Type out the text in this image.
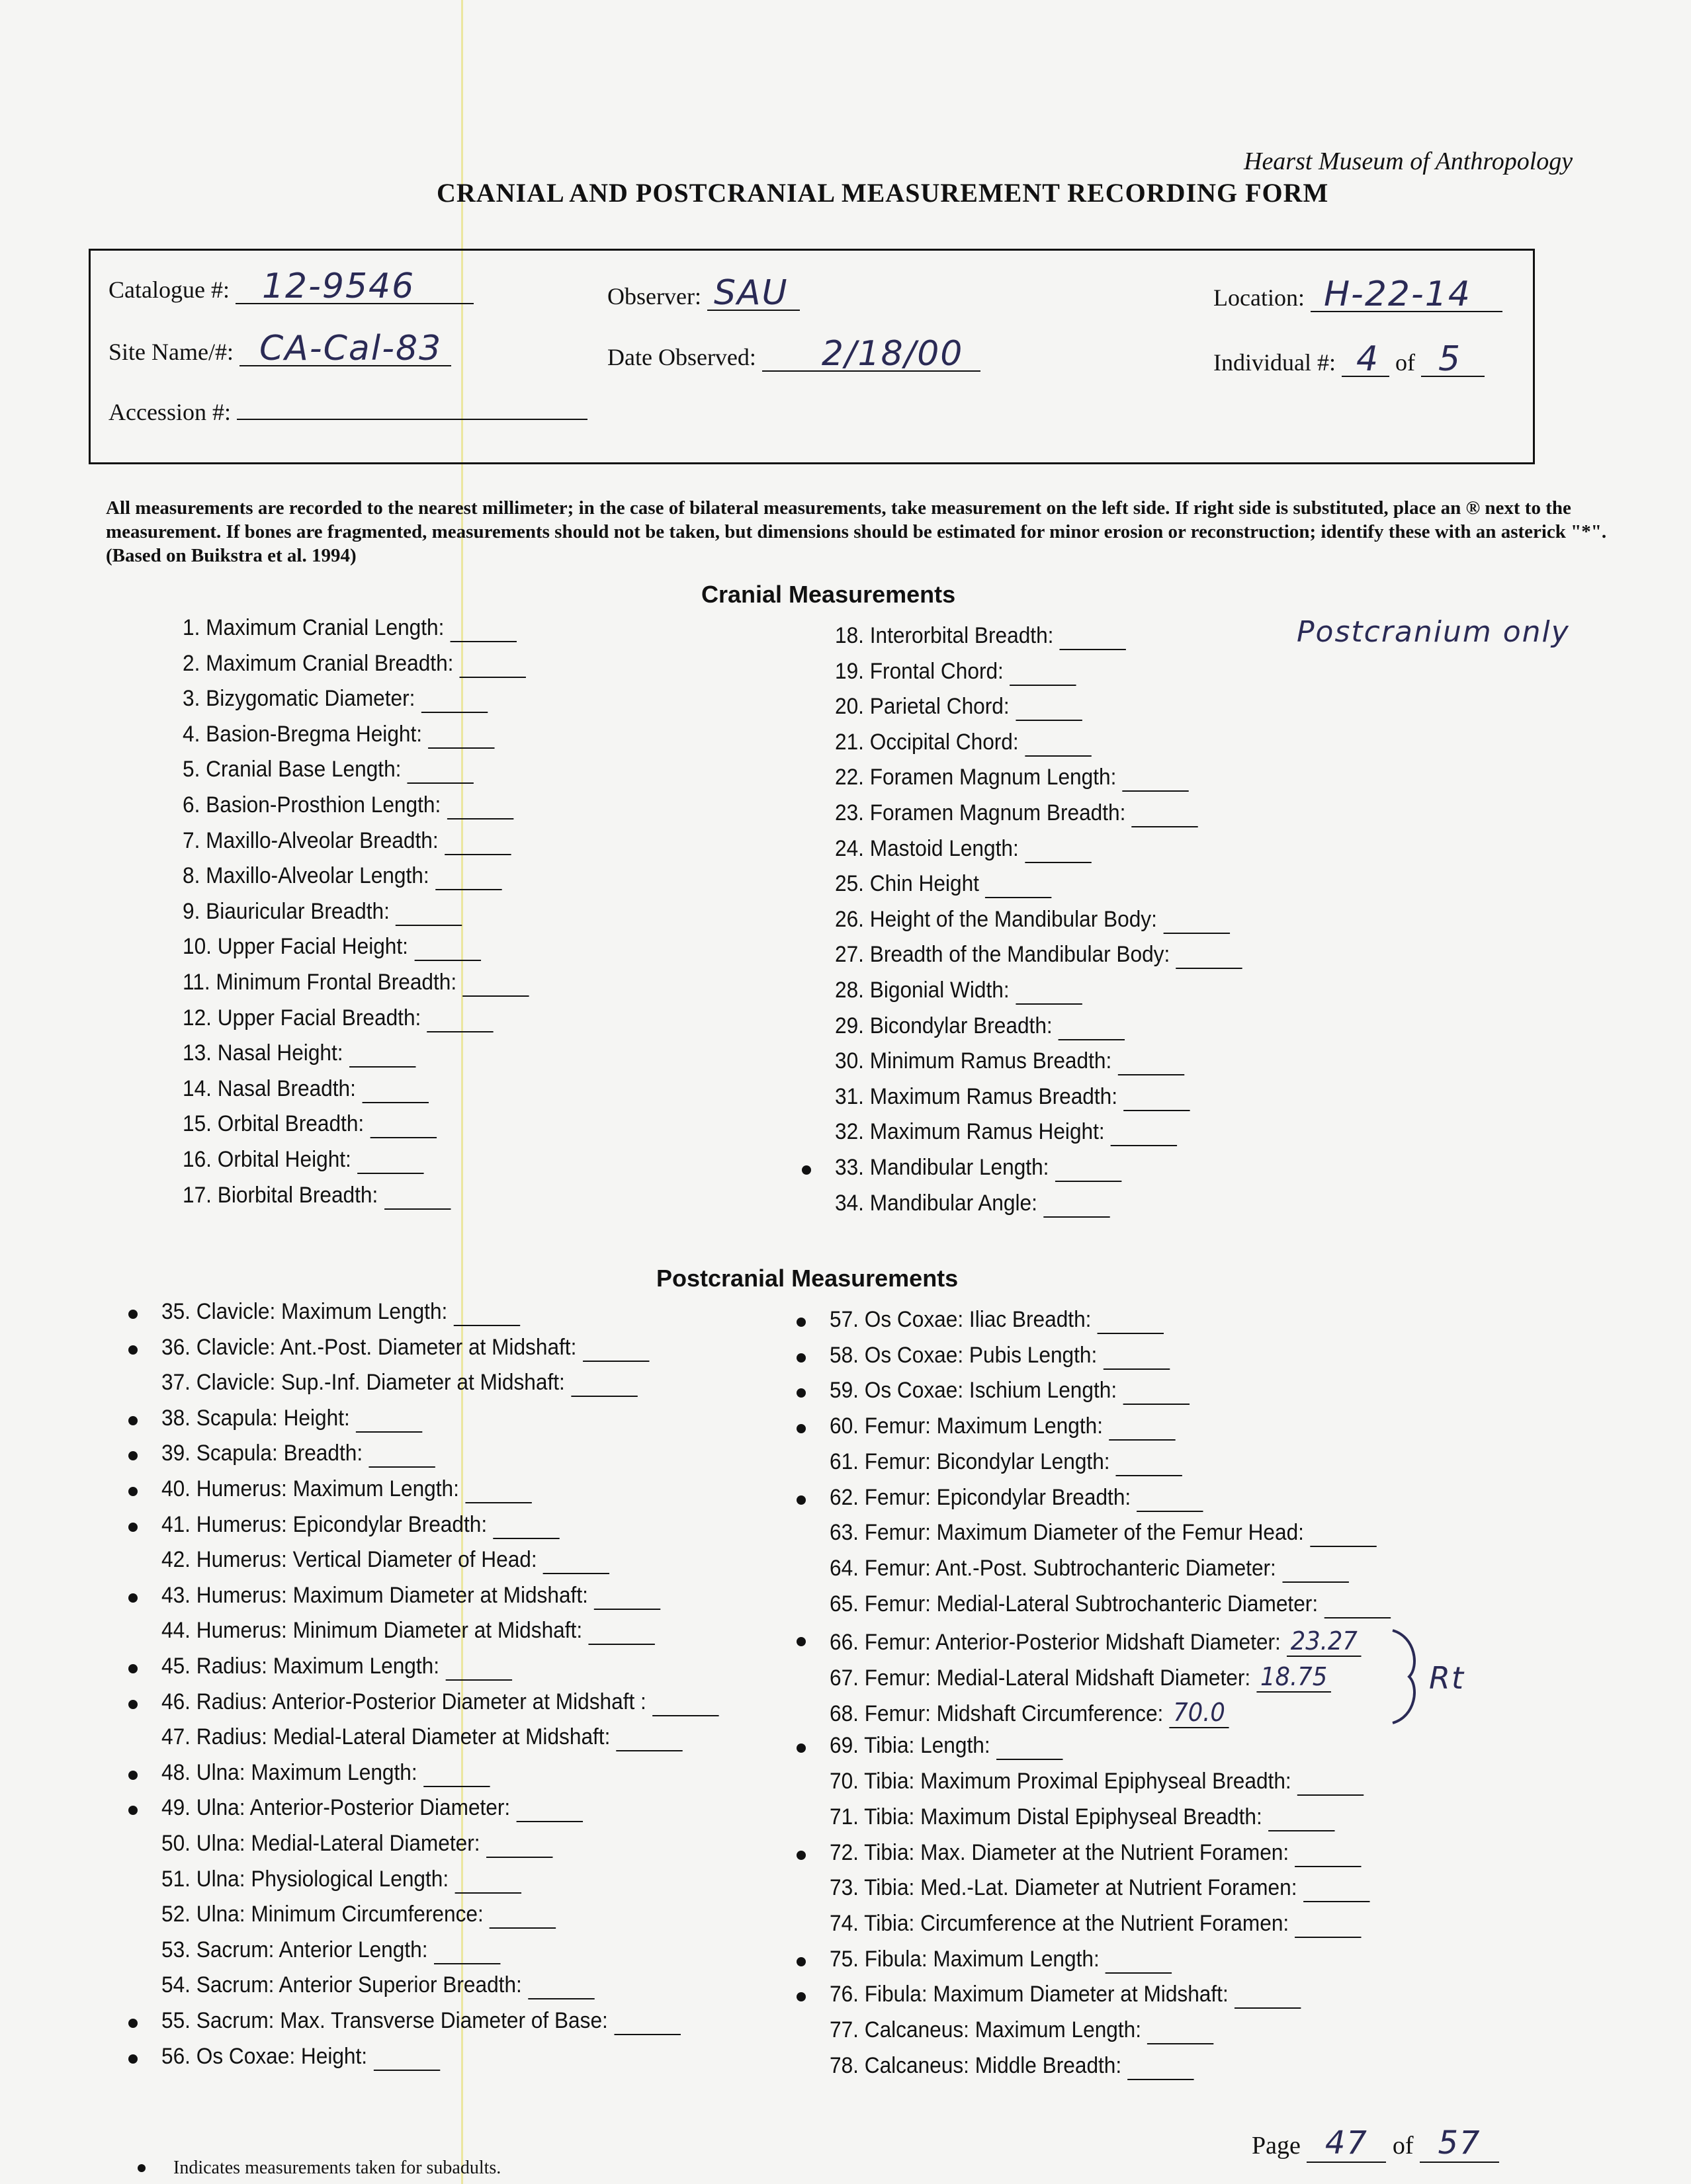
Hearst Museum of Anthropology
CRANIAL AND POSTCRANIAL MEASUREMENT RECORDING FORM
Catalogue #: 12-9546	Observer: SAU	Location: H-22-14
Site Name/#: CA-Cal-83	Date Observed: 2/18/00	Individual #: 4 of 5
Accession #:
All measurements are recorded to the nearest millimeter; in the case of bilateral measurements, take measurement on the left side. If right side is substituted, place an ® next to the measurement. If bones are fragmented, measurements should not be taken, but dimensions should be estimated for minor erosion or reconstruction; identify these with an asterick "*". (Based on Buikstra et al. 1994)
Cranial Measurements
Postcranial Measurements
1. Maximum Cranial Length:
2. Maximum Cranial Breadth:
3. Bizygomatic Diameter:
4. Basion-Bregma Height:
5. Cranial Base Length:
6. Basion-Prosthion Length:
7. Maxillo-Alveolar Breadth:
8. Maxillo-Alveolar Length:
9. Biauricular Breadth:
10. Upper Facial Height:
11. Minimum Frontal Breadth:
12. Upper Facial Breadth:
13. Nasal Height:
14. Nasal Breadth:
15. Orbital Breadth:
16. Orbital Height:
17. Biorbital Breadth:
18. Interorbital Breadth:
19. Frontal Chord:
20. Parietal Chord:
21. Occipital Chord:
22. Foramen Magnum Length:
23. Foramen Magnum Breadth:
24. Mastoid Length:
25. Chin Height
26. Height of the Mandibular Body:
27. Breadth of the Mandibular Body:
28. Bigonial Width:
29. Bicondylar Breadth:
30. Minimum Ramus Breadth:
31. Maximum Ramus Breadth:
32. Maximum Ramus Height:
33. Mandibular Length:
34. Mandibular Angle:
35. Clavicle: Maximum Length:
36. Clavicle: Ant.-Post. Diameter at Midshaft:
37. Clavicle: Sup.-Inf. Diameter at Midshaft:
38. Scapula: Height:
39. Scapula: Breadth:
40. Humerus: Maximum Length:
41. Humerus: Epicondylar Breadth:
42. Humerus: Vertical Diameter of Head:
43. Humerus: Maximum Diameter at Midshaft:
44. Humerus: Minimum Diameter at Midshaft:
45. Radius: Maximum Length:
46. Radius: Anterior-Posterior Diameter at Midshaft :
47. Radius: Medial-Lateral Diameter at Midshaft:
48. Ulna: Maximum Length:
49. Ulna: Anterior-Posterior Diameter:
50. Ulna: Medial-Lateral Diameter:
51. Ulna: Physiological Length:
52. Ulna: Minimum Circumference:
53. Sacrum: Anterior Length:
54. Sacrum: Anterior Superior Breadth:
55. Sacrum: Max. Transverse Diameter of Base:
56. Os Coxae: Height:
57. Os Coxae: Iliac Breadth:
58. Os Coxae: Pubis Length:
59. Os Coxae: Ischium Length:
60. Femur: Maximum Length:
61. Femur: Bicondylar Length:
62. Femur: Epicondylar Breadth:
63. Femur: Maximum Diameter of the Femur Head:
64. Femur: Ant.-Post. Subtrochanteric Diameter:
65. Femur: Medial-Lateral Subtrochanteric Diameter:
66. Femur: Anterior-Posterior Midshaft Diameter: 23.27
67. Femur: Medial-Lateral Midshaft Diameter: 18.75
68. Femur: Midshaft Circumference: 70.0
69. Tibia: Length:
70. Tibia: Maximum Proximal Epiphyseal Breadth:
71. Tibia: Maximum Distal Epiphyseal Breadth:
72. Tibia: Max. Diameter at the Nutrient Foramen:
73. Tibia: Med.-Lat. Diameter at Nutrient Foramen:
74. Tibia: Circumference at the Nutrient Foramen:
75. Fibula: Maximum Length:
76. Fibula: Maximum Diameter at Midshaft:
77. Calcaneus: Maximum Length:
78. Calcaneus: Middle Breadth:
Postcranium only
Rt
Page 47 of 57
Indicates measurements taken for subadults.
